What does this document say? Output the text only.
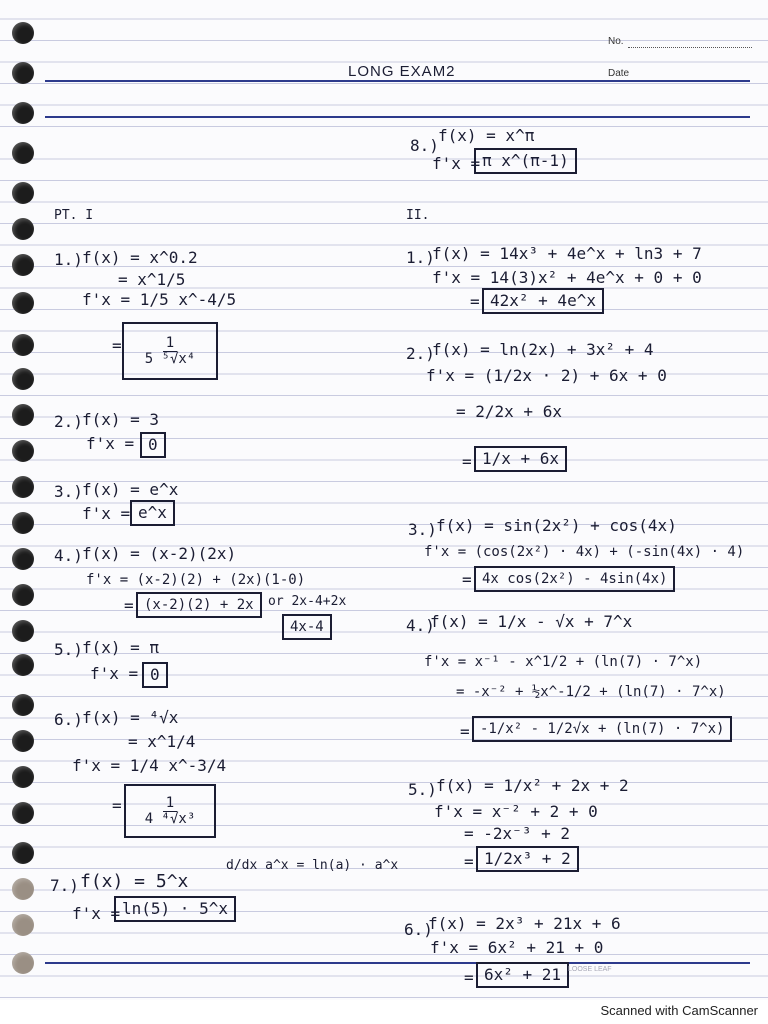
No.
Date
LONG EXAM2
PT. I
1.) f(x) = x^0.2
= x^1/5
f'x = 1/5 x^-4/5
= $\frac{1}{\text{5 ⁵√x⁴}}$
2.) f(x) = 3
f'x = 0
3.) f(x) = e^x
f'x = e^x
4.) f(x) = (x-2)(2x)
f'x = (x-2)(2) + (2x)(1-0)
= (x-2)(2) + 2x	or 2x-4+2x
4x-4
5.) f(x) = π
f'x = 0
6.) f(x) = ⁴√x
= x^1/4
f'x = 1/4 x^-3/4
= $\frac{1}{\text{4 ⁴√x³}}$
7.) f(x) = 5^x
f'x = ln(5) · 5^x
d/dx a^x = ln(a) · a^x
8.)
f(x) = x^π
f'x = π x^(π-1)
II.
1.)
f(x) = 14x³ + 4e^x + ln3 + 7
f'x = 14(3)x² + 4e^x + 0 + 0
= 42x² + 4e^x
2.)
f(x) = ln(2x) + 3x² + 4
f'x = (1/2x · 2) + 6x + 0
= 2/2x + 6x
= 1/x + 6x
3.) f(x) = sin(2x²) + cos(4x)
f'x = (cos(2x²) · 4x) + (-sin(4x) · 4)
= 4x cos(2x²) - 4sin(4x)
4.)
f(x) = 1/x - √x + 7^x
f'x = x⁻¹ - x^1/2 + (ln(7) · 7^x)
= -x⁻² + ½x^-1/2 + (ln(7) · 7^x)
= -1/x² - 1/2√x + (ln(7) · 7^x)
5.) f(x) = 1/x² + 2x + 2
f'x = x⁻² + 2 + 0
= -2x⁻³ + 2
= 1/2x³ + 2
6.)
f(x) = 2x³ + 21x + 6
f'x = 6x² + 21 + 0
= 6x² + 21 LOOSE LEAF
Scanned with CamScanner
